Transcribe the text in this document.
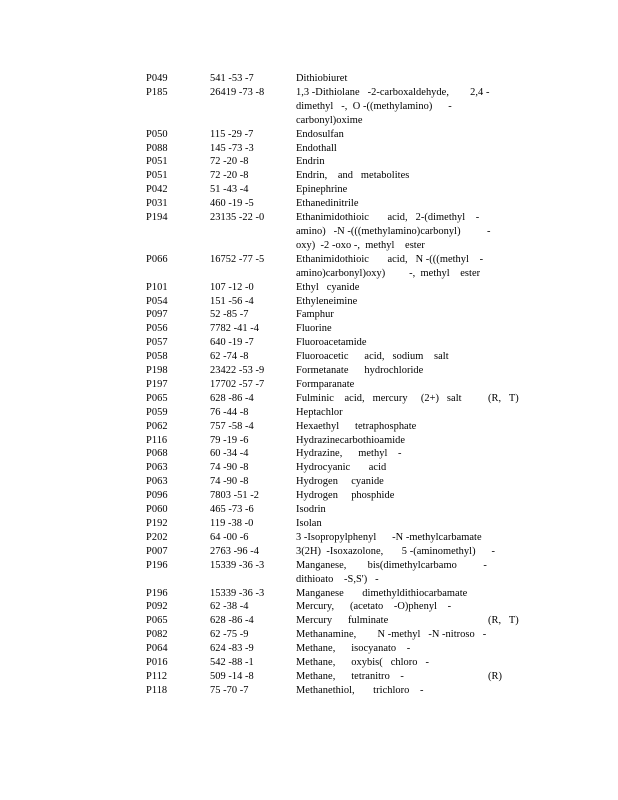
P049	541 -53 -7	Dithiobiuret
P185	26419 -73 -8	1,3 -Dithiolane   -2-carboxaldehyde,        2,4 -
dimethyl   -,  O -((methylamino)      -
carbonyl)oxime
P050	115 -29 -7	Endosulfan
P088	145 -73 -3	Endothall
P051	72 -20 -8	Endrin
P051	72 -20 -8	Endrin,    and   metabolites
P042	51 -43 -4	Epinephrine
P031	460 -19 -5	Ethanedinitrile
P194	23135 -22 -0	Ethanimidothioic       acid,   2-(dimethyl    -
amino)   -N -(((methylamino)carbonyl)          -
oxy)  -2 -oxo -,  methyl    ester
P066	16752 -77 -5	Ethanimidothioic       acid,   N -(((methyl    -
amino)carbonyl)oxy)         -,  methyl    ester
P101	107 -12 -0	Ethyl   cyanide
P054	151 -56 -4	Ethyleneimine
P097	52 -85 -7	Famphur
P056	7782 -41 -4	Fluorine
P057	640 -19 -7	Fluoroacetamide
P058	62 -74 -8	Fluoroacetic      acid,   sodium    salt
P198	23422 -53 -9	Formetanate      hydrochloride
P197	17702 -57 -7	Formparanate
P065	628 -86 -4	Fulminic    acid,   mercury     (2+)   salt	(R,   T)
P059	76 -44 -8	Heptachlor
P062	757 -58 -4	Hexaethyl      tetraphosphate
P116	79 -19 -6	Hydrazinecarbothioamide
P068	60 -34 -4	Hydrazine,      methyl    -
P063	74 -90 -8	Hydrocyanic       acid
P063	74 -90 -8	Hydrogen     cyanide
P096	7803 -51 -2	Hydrogen     phosphide
P060	465 -73 -6	Isodrin
P192	119 -38 -0	Isolan
P202	64 -00 -6	3 -Isopropylphenyl      -N -methylcarbamate
P007	2763 -96 -4	3(2H)  -Isoxazolone,       5 -(aminomethyl)      -
P196	15339 -36 -3	Manganese,        bis(dimethylcarbamo          -
dithioato    -S,S')   -
P196	15339 -36 -3	Manganese       dimethyldithiocarbamate
P092	62 -38 -4	Mercury,      (acetato    -O)phenyl    -
P065	628 -86 -4	Mercury      fulminate	(R,   T)
P082	62 -75 -9	Methanamine,        N -methyl   -N -nitroso   -
P064	624 -83 -9	Methane,      isocyanato    -
P016	542 -88 -1	Methane,      oxybis(   chloro   -
P112	509 -14 -8	Methane,      tetranitro    -	(R)
P118	75 -70 -7	Methanethiol,       trichloro    -
